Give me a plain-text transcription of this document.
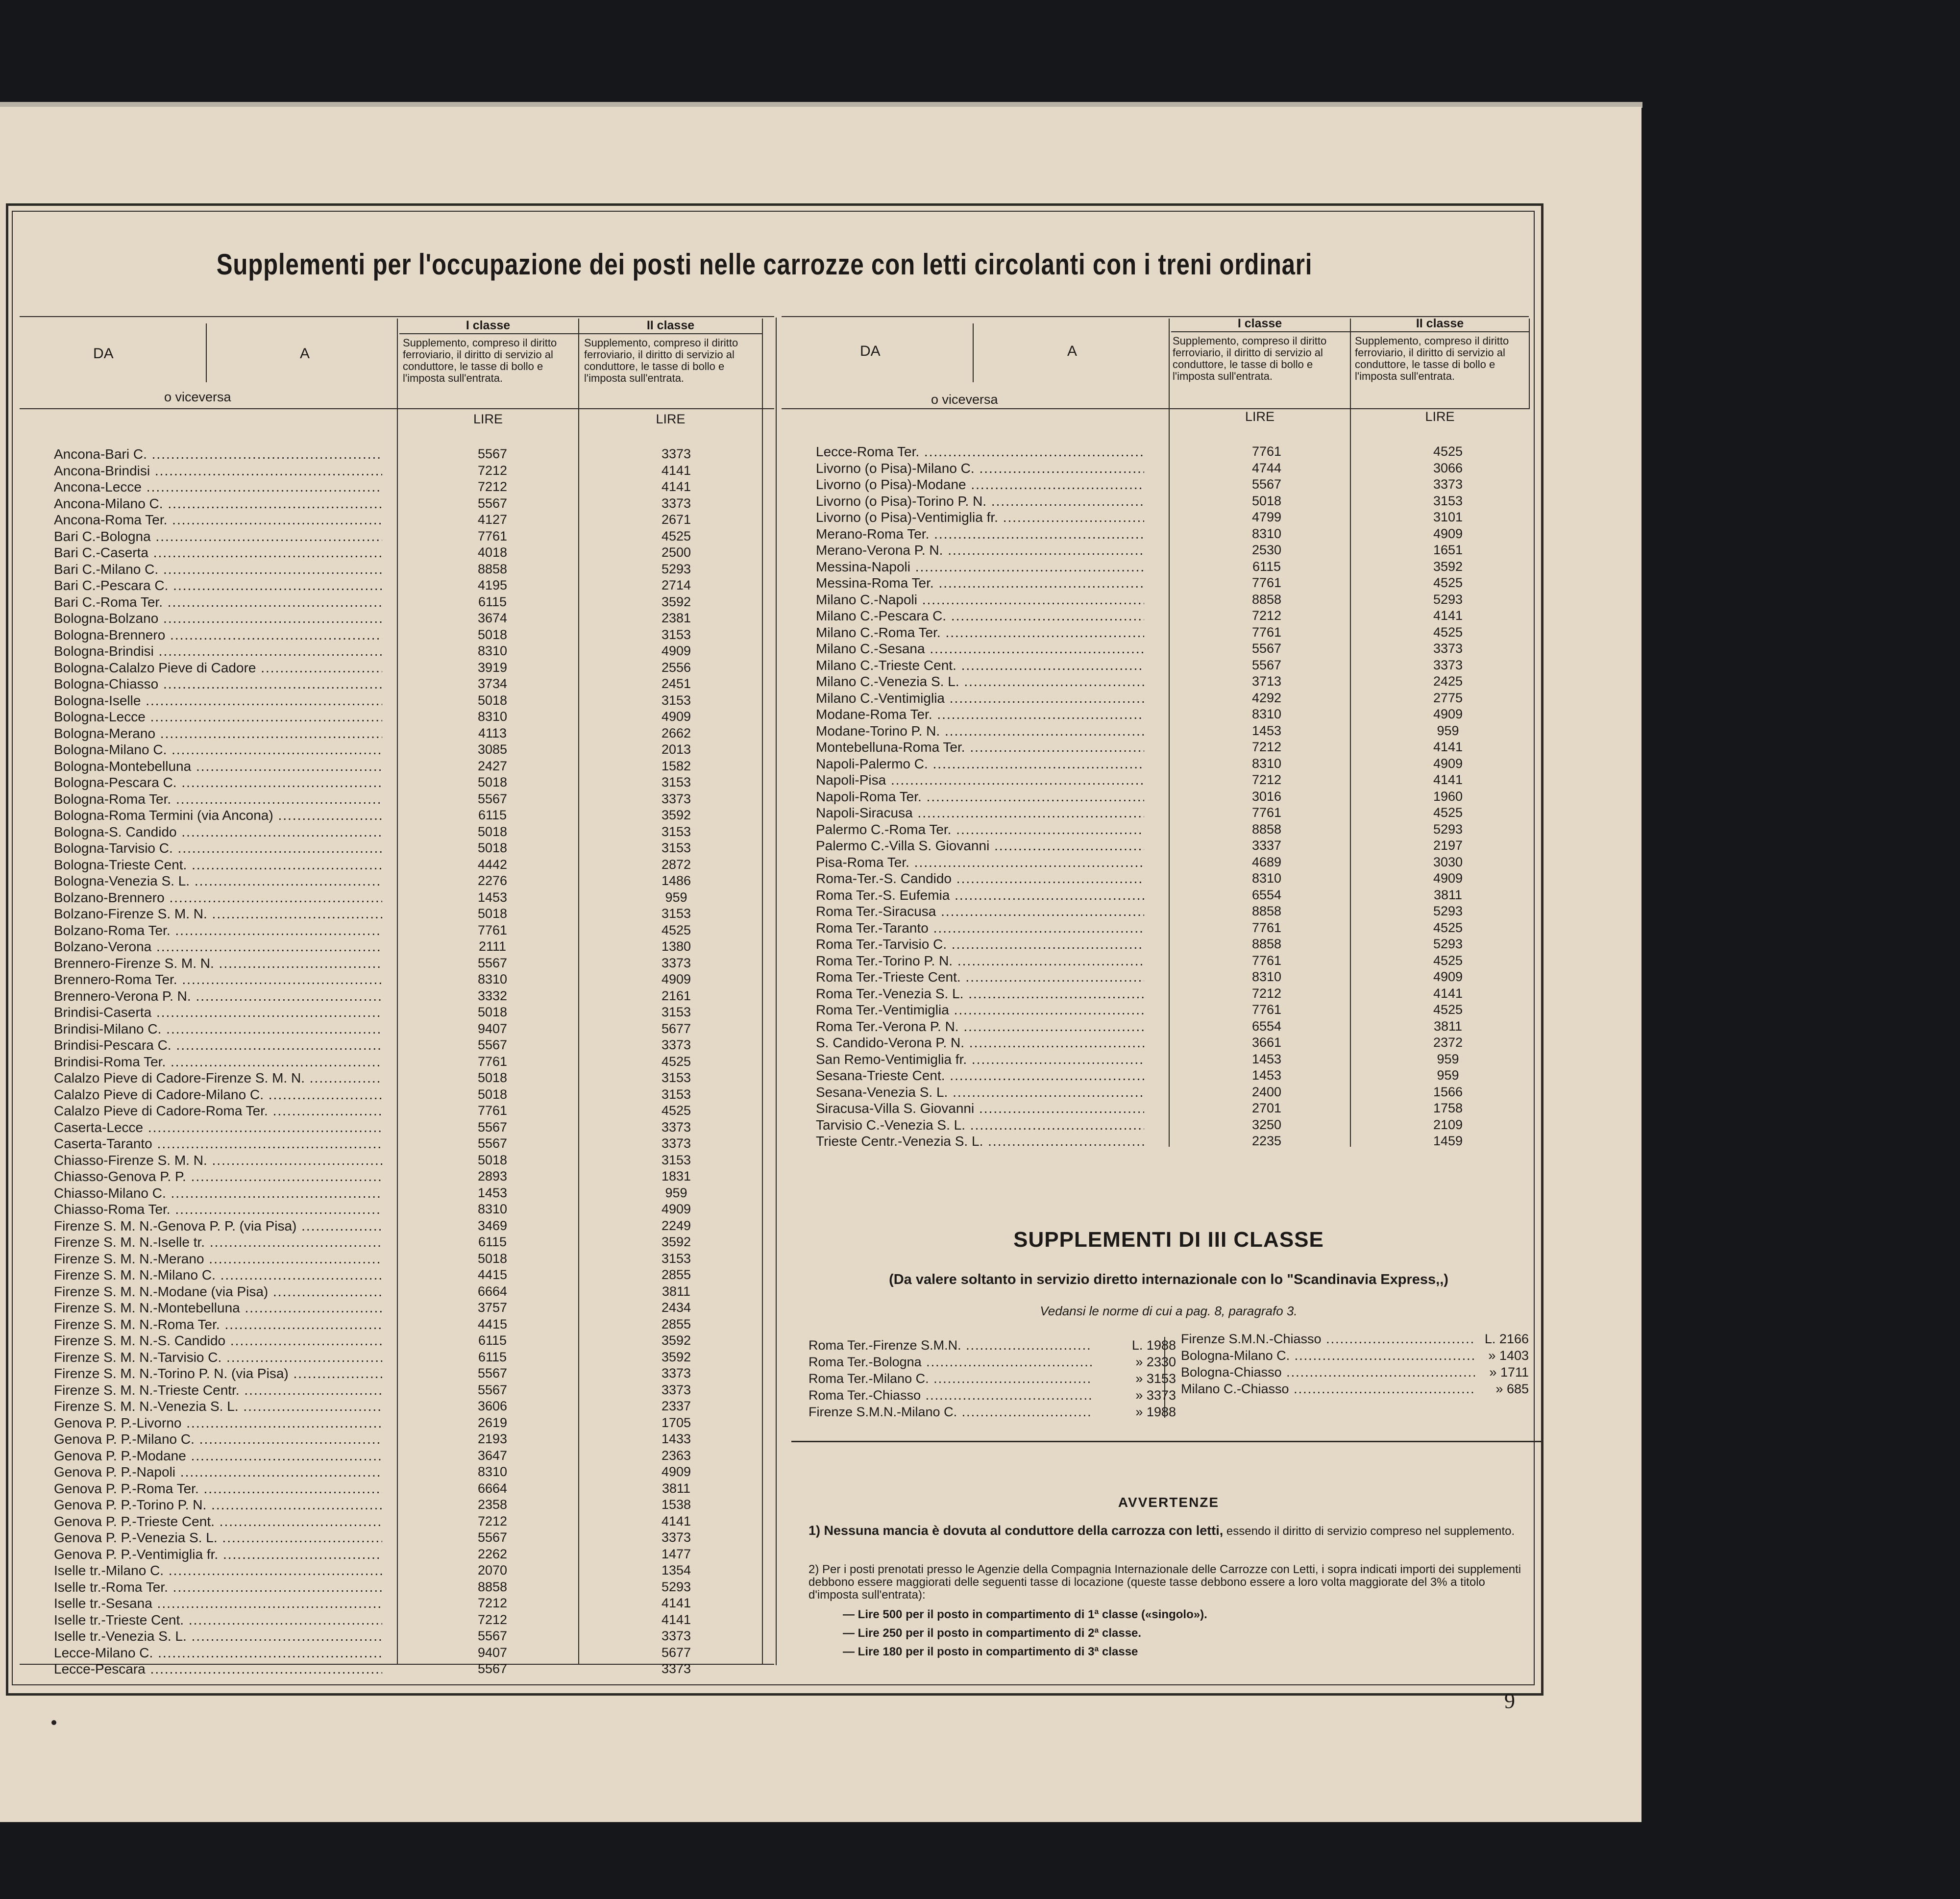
Supplementi per l'occupazione dei posti nelle carrozze con letti circolanti con i treni ordinari
DA	A
o viceversa
I classe	II classe
Supplemento, compreso il diritto ferroviario, il diritto di servizio al conduttore, le tasse di bollo e l'imposta sull'entrata.
Supplemento, compreso il diritto ferroviario, il diritto di servizio al conduttore, le tasse di bollo e l'imposta sull'entrata.
LIRE	LIRE
DA	A
o viceversa
I classe	II classe
Supplemento, compreso il diritto ferroviario, il diritto di servizio al conduttore, le tasse di bollo e l'imposta sull'entrata.
Supplemento, compreso il diritto ferroviario, il diritto di servizio al conduttore, le tasse di bollo e l'imposta sull'entrata.
LIRE	LIRE
Ancona-Bari C. .....	5567	3373
Ancona-Brindisi .....	7212	4141
Ancona-Lecce .....	7212	4141
Ancona-Milano C. .....	5567	3373
Ancona-Roma Ter. .....	4127	2671
Bari C.-Bologna .....	7761	4525
Bari C.-Caserta .....	4018	2500
Bari C.-Milano C. .....	8858	5293
Bari C.-Pescara C. .....	4195	2714
Bari C.-Roma Ter. .....	6115	3592
Bologna-Bolzano .....	3674	2381
Bologna-Brennero .....	5018	3153
Bologna-Brindisi .....	8310	4909
Bologna-Calalzo Pieve di Cadore .....	3919	2556
Bologna-Chiasso .....	3734	2451
Bologna-Iselle .....	5018	3153
Bologna-Lecce .....	8310	4909
Bologna-Merano .....	4113	2662
Bologna-Milano C. .....	3085	2013
Bologna-Montebelluna .....	2427	1582
Bologna-Pescara C. .....	5018	3153
Bologna-Roma Ter. .....	5567	3373
Bologna-Roma Termini (via Ancona) .....	6115	3592
Bologna-S. Candido .....	5018	3153
Bologna-Tarvisio C. .....	5018	3153
Bologna-Trieste Cent. .....	4442	2872
Bologna-Venezia S. L. .....	2276	1486
Bolzano-Brennero .....	1453	959
Bolzano-Firenze S. M. N. .....	5018	3153
Bolzano-Roma Ter. .....	7761	4525
Bolzano-Verona .....	2111	1380
Brennero-Firenze S. M. N. .....	5567	3373
Brennero-Roma Ter. .....	8310	4909
Brennero-Verona P. N. .....	3332	2161
Brindisi-Caserta .....	5018	3153
Brindisi-Milano C. .....	9407	5677
Brindisi-Pescara C. .....	5567	3373
Brindisi-Roma Ter. .....	7761	4525
Calalzo Pieve di Cadore-Firenze S. M. N. .....	5018	3153
Calalzo Pieve di Cadore-Milano C. .....	5018	3153
Calalzo Pieve di Cadore-Roma Ter. .....	7761	4525
Caserta-Lecce .....	5567	3373
Caserta-Taranto .....	5567	3373
Chiasso-Firenze S. M. N. .....	5018	3153
Chiasso-Genova P. P. .....	2893	1831
Chiasso-Milano C. .....	1453	959
Chiasso-Roma Ter. .....	8310	4909
Firenze S. M. N.-Genova P. P. (via Pisa) .....	3469	2249
Firenze S. M. N.-Iselle tr. .....	6115	3592
Firenze S. M. N.-Merano .....	5018	3153
Firenze S. M. N.-Milano C. .....	4415	2855
Firenze S. M. N.-Modane (via Pisa) .....	6664	3811
Firenze S. M. N.-Montebelluna .....	3757	2434
Firenze S. M. N.-Roma Ter. .....	4415	2855
Firenze S. M. N.-S. Candido .....	6115	3592
Firenze S. M. N.-Tarvisio C. .....	6115	3592
Firenze S. M. N.-Torino P. N. (via Pisa) .....	5567	3373
Firenze S. M. N.-Trieste Centr. .....	5567	3373
Firenze S. M. N.-Venezia S. L. .....	3606	2337
Genova P. P.-Livorno .....	2619	1705
Genova P. P.-Milano C. .....	2193	1433
Genova P. P.-Modane .....	3647	2363
Genova P. P.-Napoli .....	8310	4909
Genova P. P.-Roma Ter. .....	6664	3811
Genova P. P.-Torino P. N. .....	2358	1538
Genova P. P.-Trieste Cent. .....	7212	4141
Genova P. P.-Venezia S. L. .....	5567	3373
Genova P. P.-Ventimiglia fr. .....	2262	1477
Iselle tr.-Milano C. .....	2070	1354
Iselle tr.-Roma Ter. .....	8858	5293
Iselle tr.-Sesana .....	7212	4141
Iselle tr.-Trieste Cent. .....	7212	4141
Iselle tr.-Venezia S. L. .....	5567	3373
Lecce-Milano C. .....	9407	5677
Lecce-Pescara .....	5567	3373
Lecce-Roma Ter. .....	7761	4525
Livorno (o Pisa)-Milano C. .....	4744	3066
Livorno (o Pisa)-Modane .....	5567	3373
Livorno (o Pisa)-Torino P. N. .....	5018	3153
Livorno (o Pisa)-Ventimiglia fr. .....	4799	3101
Merano-Roma Ter. .....	8310	4909
Merano-Verona P. N. .....	2530	1651
Messina-Napoli .....	6115	3592
Messina-Roma Ter. .....	7761	4525
Milano C.-Napoli .....	8858	5293
Milano C.-Pescara C. .....	7212	4141
Milano C.-Roma Ter. .....	7761	4525
Milano C.-Sesana .....	5567	3373
Milano C.-Trieste Cent. .....	5567	3373
Milano C.-Venezia S. L. .....	3713	2425
Milano C.-Ventimiglia .....	4292	2775
Modane-Roma Ter. .....	8310	4909
Modane-Torino P. N. .....	1453	959
Montebelluna-Roma Ter. .....	7212	4141
Napoli-Palermo C. .....	8310	4909
Napoli-Pisa .....	7212	4141
Napoli-Roma Ter. .....	3016	1960
Napoli-Siracusa .....	7761	4525
Palermo C.-Roma Ter. .....	8858	5293
Palermo C.-Villa S. Giovanni .....	3337	2197
Pisa-Roma Ter. .....	4689	3030
Roma-Ter.-S. Candido .....	8310	4909
Roma Ter.-S. Eufemia .....	6554	3811
Roma Ter.-Siracusa .....	8858	5293
Roma Ter.-Taranto .....	7761	4525
Roma Ter.-Tarvisio C. .....	8858	5293
Roma Ter.-Torino P. N. .....	7761	4525
Roma Ter.-Trieste Cent. .....	8310	4909
Roma Ter.-Venezia S. L. .....	7212	4141
Roma Ter.-Ventimiglia .....	7761	4525
Roma Ter.-Verona P. N. .....	6554	3811
S. Candido-Verona P. N. .....	3661	2372
San Remo-Ventimiglia fr. .....	1453	959
Sesana-Trieste Cent. .....	1453	959
Sesana-Venezia S. L. .....	2400	1566
Siracusa-Villa S. Giovanni .....	2701	1758
Tarvisio C.-Venezia S. L. .....	3250	2109
Trieste Centr.-Venezia S. L. .....	2235	1459
SUPPLEMENTI DI III CLASSE
(Da valere soltanto in servizio diretto internazionale con lo "Scandinavia Express,,)
Vedansi le norme di cui a pag. 8, paragrafo 3.
Roma Ter.-Firenze S.M.N. .....	L. 1988
Roma Ter.-Bologna .....	» 2330
Roma Ter.-Milano C. .....	» 3153
Roma Ter.-Chiasso .....	» 3373
Firenze S.M.N.-Milano C. .....	» 1988
Firenze S.M.N.-Chiasso .....	L. 2166
Bologna-Milano C. .....	» 1403
Bologna-Chiasso .....	» 1711
Milano C.-Chiasso .....	» 685
AVVERTENZE
1) Nessuna mancia è dovuta al conduttore della carrozza con letti, essendo il diritto di servizio compreso nel supplemento.
2) Per i posti prenotati presso le Agenzie della Compagnia Internazionale delle Carrozze con Letti, i sopra indicati importi dei supplementi debbono essere maggiorati delle seguenti tasse di locazione (queste tasse debbono essere a loro volta maggiorate del 3% a titolo d'imposta sull'entrata):
— Lire 500 per il posto in compartimento di 1ª classe («singolo»).
— Lire 250 per il posto in compartimento di 2ª classe.
— Lire 180 per il posto in compartimento di 3ª classe
9
